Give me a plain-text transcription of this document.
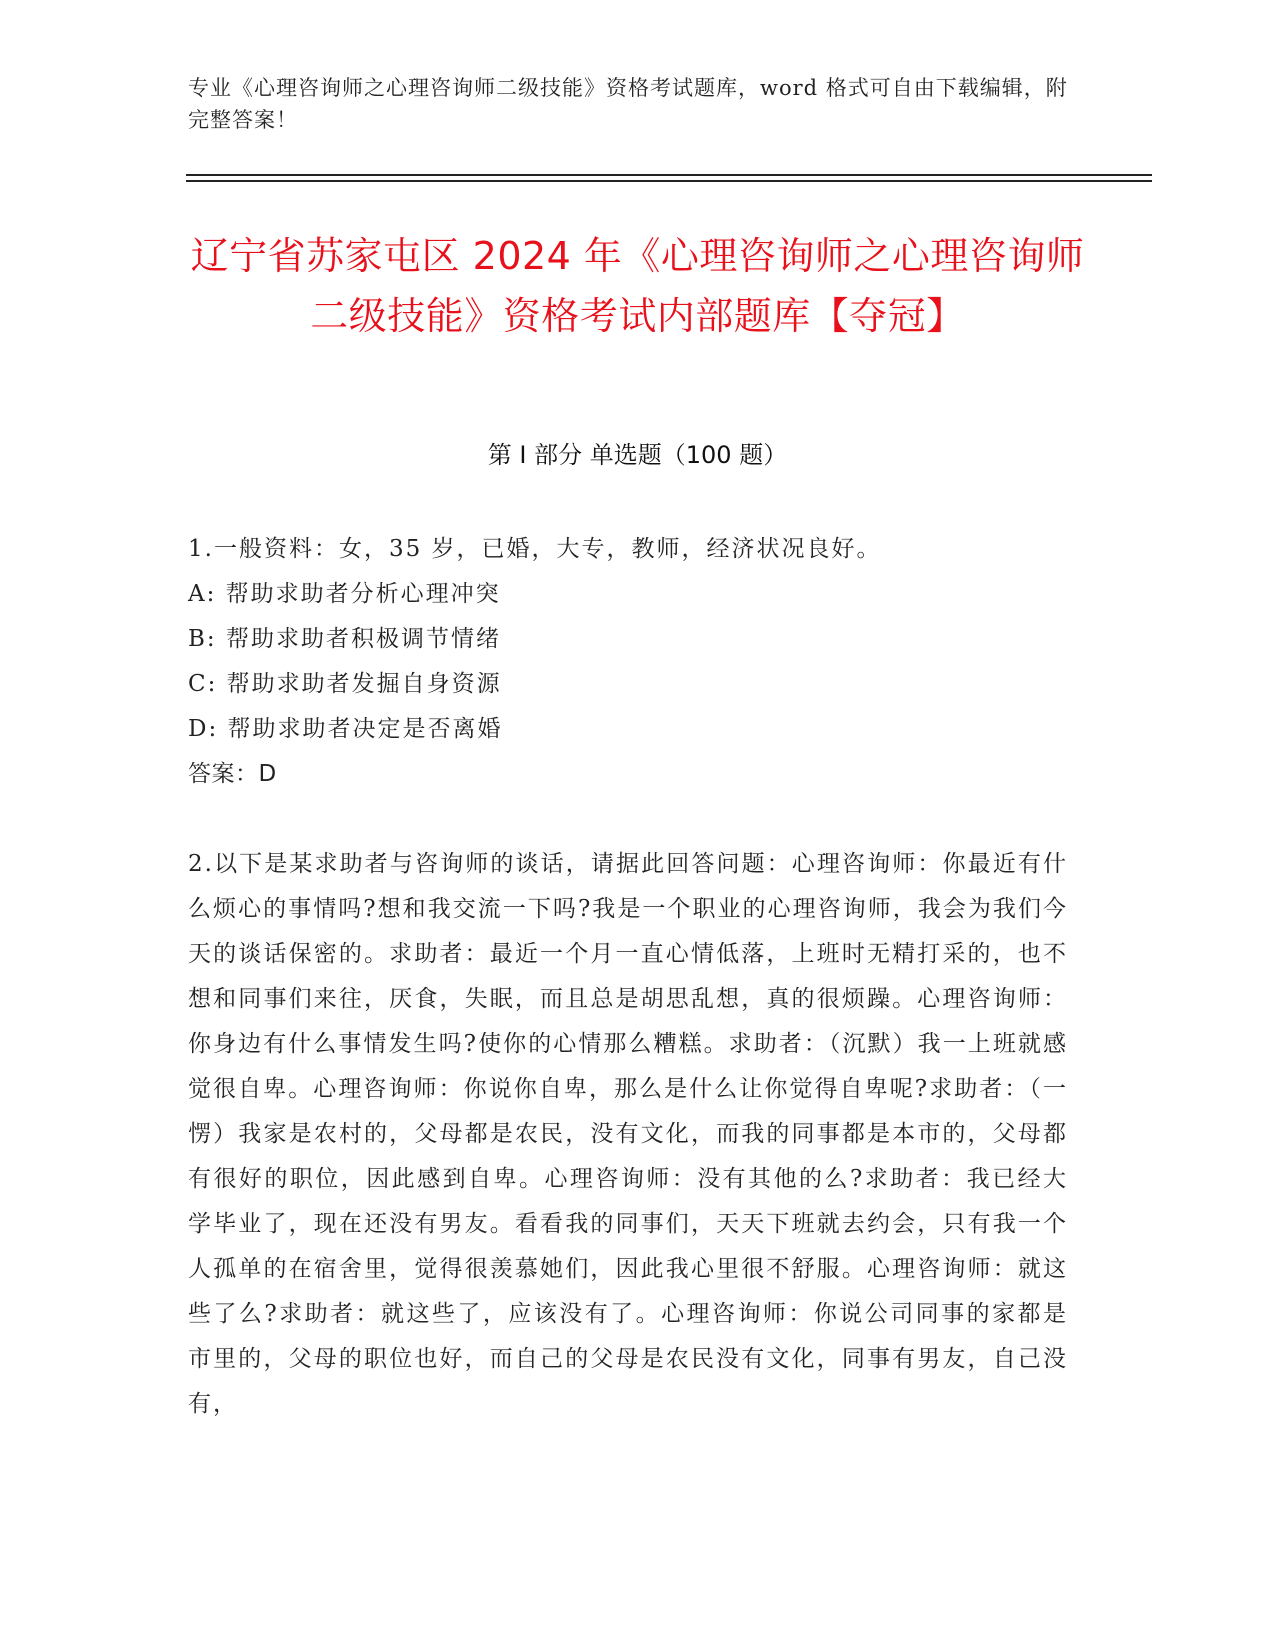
专业《心理咨询师之心理咨询师二级技能》资格考试题库，word 格式可自由下载编辑，附完整答案！
辽宁省苏家屯区 2024 年《心理咨询师之心理咨询师二级技能》资格考试内部题库【夺冠】
第 I 部分 单选题（100 题）
1.一般资料：女，35 岁，已婚，大专，教师，经济状况良好。
A: 帮助求助者分析心理冲突
B: 帮助求助者积极调节情绪
C: 帮助求助者发掘自身资源
D: 帮助求助者决定是否离婚
答案：D
2.以下是某求助者与咨询师的谈话，请据此回答问题：心理咨询师：你最近有什么烦心的事情吗?想和我交流一下吗?我是一个职业的心理咨询师，我会为我们今天的谈话保密的。求助者：最近一个月一直心情低落，上班时无精打采的，也不想和同事们来往，厌食，失眠，而且总是胡思乱想，真的很烦躁。心理咨询师：你身边有什么事情发生吗?使你的心情那么糟糕。求助者：（沉默）我一上班就感觉很自卑。心理咨询师：你说你自卑，那么是什么让你觉得自卑呢?求助者：（一愣）我家是农村的，父母都是农民，没有文化，而我的同事都是本市的，父母都有很好的职位，因此感到自卑。心理咨询师：没有其他的么?求助者：我已经大学毕业了，现在还没有男友。看看我的同事们，天天下班就去约会，只有我一个人孤单的在宿舍里，觉得很羡慕她们，因此我心里很不舒服。心理咨询师：就这些了么?求助者：就这些了，应该没有了。心理咨询师：你说公司同事的家都是市里的，父母的职位也好，而自己的父母是农民没有文化，同事有男友，自己没有，
